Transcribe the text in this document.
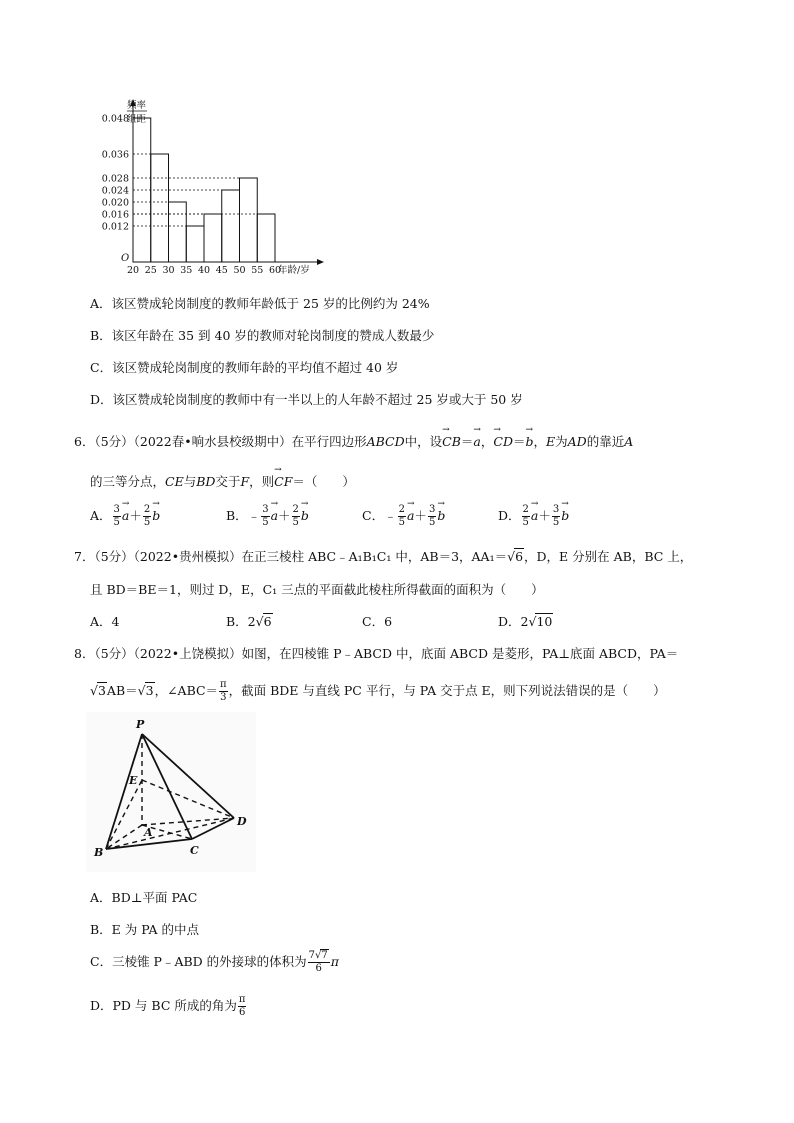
0.048
0.036
0.028
0.024
0.020
0.016
0.012
O
20 25 30 35 40 45 50 55 60
年龄/岁
频率
组距
A．该区赞成轮岗制度的教师年龄低于 25 岁的比例约为 24%
B．该区年龄在 35 到 40 岁的教师对轮岗制度的赞成人数最少
C．该区赞成轮岗制度的教师年龄的平均值不超过 40 岁
D．该区赞成轮岗制度的教师中有一半以上的人年龄不超过 25 岁或大于 50 岁
6．（5分）（2022春•响水县校级期中）在平行四边形ABCD中，设→ CB＝→ a，→ CD＝→ b，E为AD的靠近A
的三等分点，CE与BD交于F，则→ CF＝（　　）
A． $\frac{3}{5}$
→ $a+ \frac{2}{5}$
→ b	B．﹣ $\frac{3}{5}$
→ $a+ \frac{2}{5}$
→ b	C．﹣ $\frac{2}{5}$
→ $a+ \frac{3}{5}$
→ b	D． $\frac{2}{5}$
→ $a+ \frac{3}{5}$
→ b
7．（5分）（2022•贵州模拟）在正三棱柱 ABC﹣A₁B₁C₁ 中，AB＝3，AA₁＝√6，D，E 分别在 AB，BC 上，
且 BD＝BE＝1，则过 D，E，C₁ 三点的平面截此棱柱所得截面的面积为（　　）
A．4	B．2√6	C．6	D．2√10
8．（5分）（2022•上饶模拟）如图，在四棱锥 P﹣ABCD 中，底面 ABCD 是菱形，PA⊥底面 ABCD，PA＝
√3AB＝√3，∠ABC＝ $\frac{\pi}{3}$ ，截面 BDE 与直线 PC 平行，与 PA 交于点 E，则下列说法错误的是（　　）
P
E
A
D
B	C
A．BD⊥平面 PAC
B．E 为 PA 的中点
C．三棱锥 P﹣ABD 的外接球的体积为 $\frac{7√7}{6}$ π
D．PD 与 BC 所成的角为 $\frac{\pi}{6}$
